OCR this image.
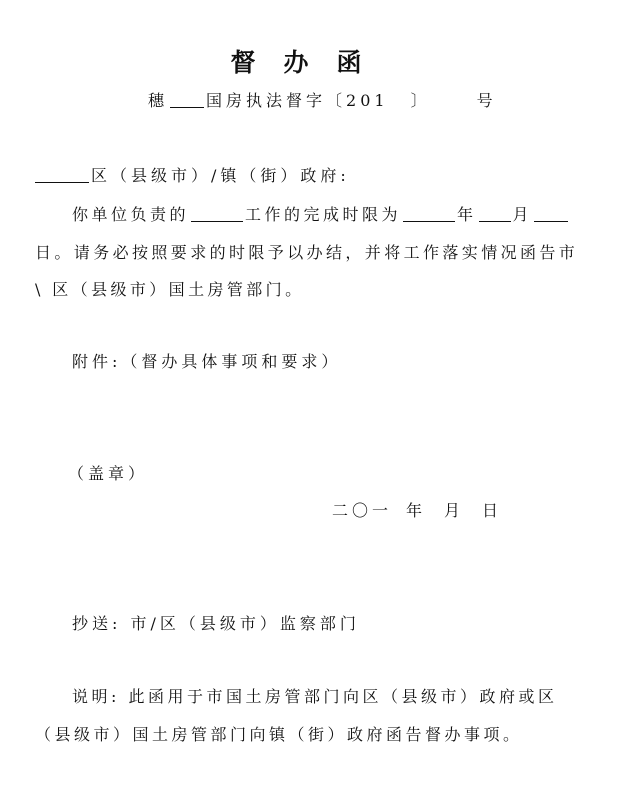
督办函
穗 国房执法督字〔201 〕	号
区（县级市）/镇（街）政府:
你单位负责的	工作的完成时限为	年 月
日。请务必按照要求的时限予以办结，并将工作落实情况函告市
\ 区（县级市）国土房管部门。
附件:（督办具体事项和要求）
（盖章）
二〇一 年 月 日
抄送: 市/区（县级市）监察部门
说明: 此函用于市国土房管部门向区（县级市）政府或区
（县级市）国土房管部门向镇（街）政府函告督办事项。
